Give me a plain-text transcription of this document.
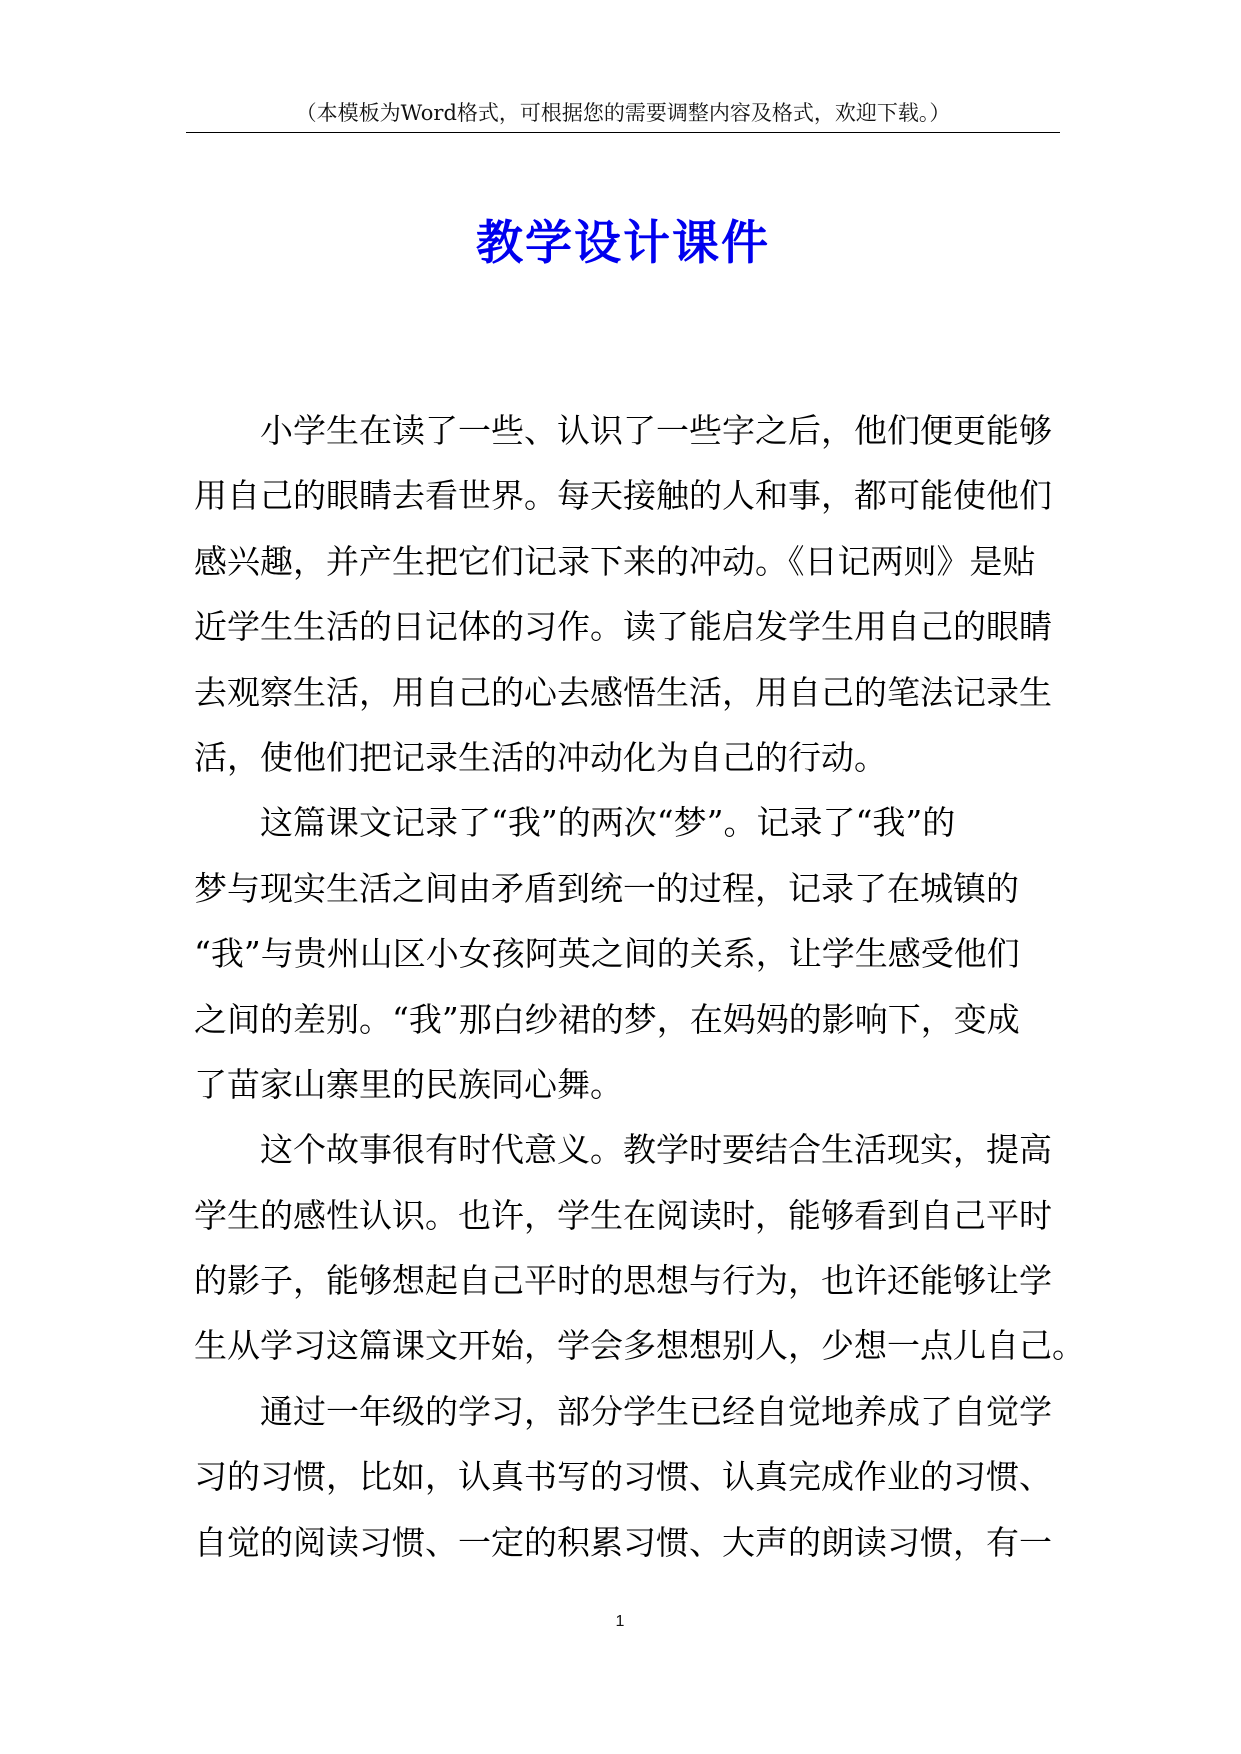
（本模板为Word格式，可根据您的需要调整内容及格式，欢迎下载。）
教学设计课件
小学生在读了一些、认识了一些字之后，他们便更能够
用自己的眼睛去看世界。每天接触的人和事，都可能使他们
感兴趣，并产生把它们记录下来的冲动。《日记两则》是贴
近学生生活的日记体的习作。读了能启发学生用自己的眼睛
去观察生活，用自己的心去感悟生活，用自己的笔法记录生
活，使他们把记录生活的冲动化为自己的行动。
这篇课文记录了“我”的两次“梦”。记录了“我”的
梦与现实生活之间由矛盾到统一的过程，记录了在城镇的
“我”与贵州山区小女孩阿英之间的关系，让学生感受他们
之间的差别。“我”那白纱裙的梦，在妈妈的影响下，变成
了苗家山寨里的民族同心舞。
这个故事很有时代意义。教学时要结合生活现实，提高
学生的感性认识。也许，学生在阅读时，能够看到自己平时
的影子，能够想起自己平时的思想与行为，也许还能够让学
生从学习这篇课文开始，学会多想想别人，少想一点儿自己。
通过一年级的学习，部分学生已经自觉地养成了自觉学
习的习惯，比如，认真书写的习惯、认真完成作业的习惯、
自觉的阅读习惯、一定的积累习惯、大声的朗读习惯，有一
1
